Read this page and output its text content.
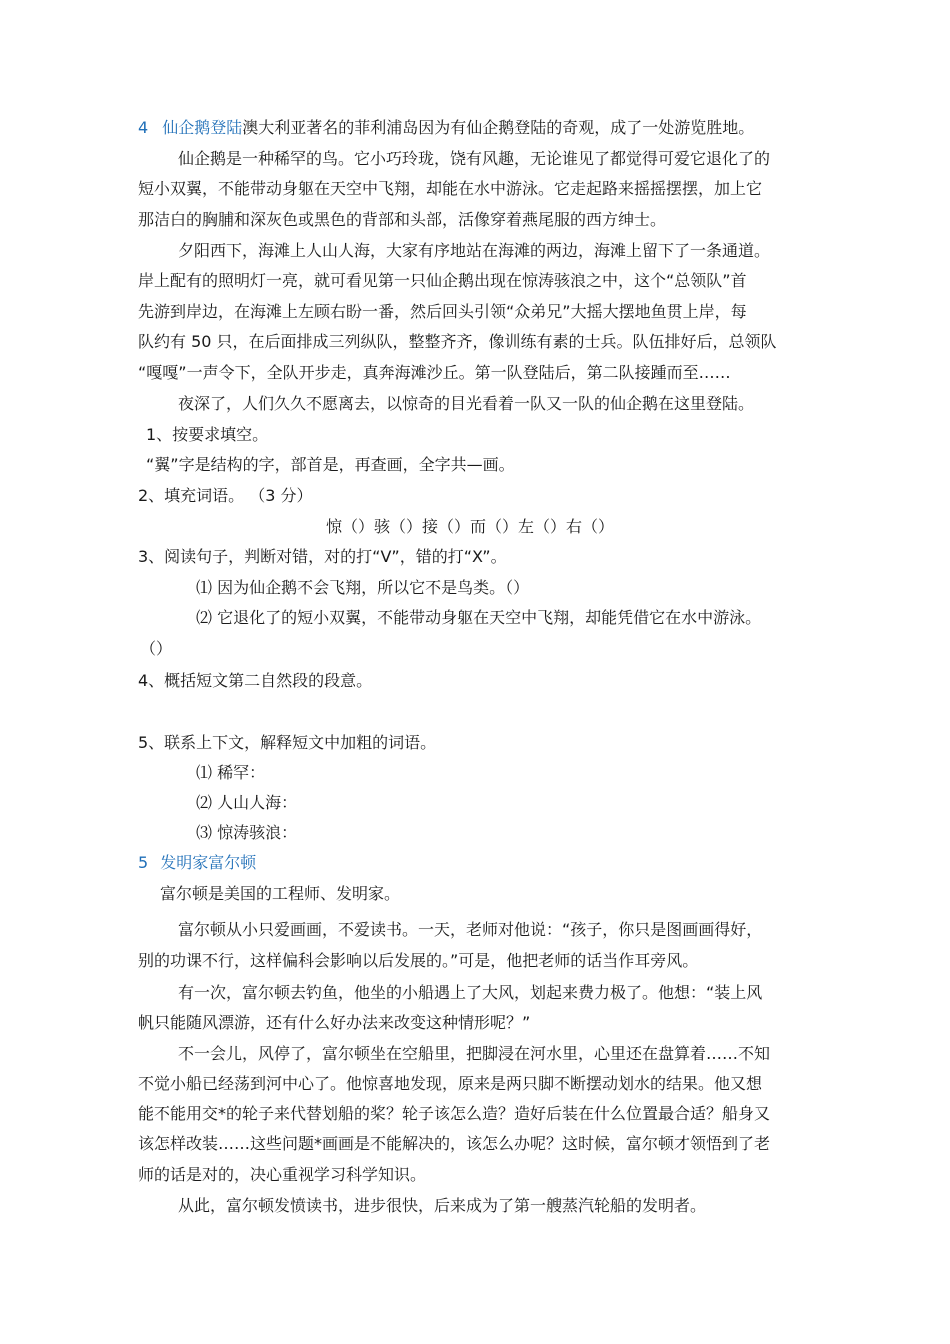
4 仙企鹅登陆澳大利亚著名的菲利浦岛因为有仙企鹅登陆的奇观，成了一处游览胜地。
仙企鹅是一种稀罕的鸟。它小巧玲珑，饶有风趣，无论谁见了都觉得可爱它退化了的
短小双翼，不能带动身躯在天空中飞翔，却能在水中游泳。它走起路来摇摇摆摆，加上它
那洁白的胸脯和深灰色或黑色的背部和头部，活像穿着燕尾服的西方绅士。
夕阳西下，海滩上人山人海，大家有序地站在海滩的两边，海滩上留下了一条通道。
岸上配有的照明灯一亮，就可看见第一只仙企鹅出现在惊涛骇浪之中，这个“总领队”首
先游到岸边，在海滩上左顾右盼一番，然后回头引领“众弟兄”大摇大摆地鱼贯上岸，每
队约有 50 只，在后面排成三列纵队，整整齐齐，像训练有素的士兵。队伍排好后，总领队
“嘎嘎”一声令下，全队开步走，真奔海滩沙丘。第一队登陆后，第二队接踵而至……
夜深了，人们久久不愿离去，以惊奇的目光看着一队又一队的仙企鹅在这里登陆。
1、按要求填空。
“翼”字是结构的字，部首是，再查画，全字共—画。
2、填充词语。 （3 分）
惊（）骇（）接（）而（）左（）右（）
3、阅读句子，判断对错，对的打“V”，错的打“X”。
⑴ 因为仙企鹅不会飞翔，所以它不是鸟类。（）
⑵ 它退化了的短小双翼，不能带动身躯在天空中飞翔，却能凭借它在水中游泳。
（）
4、概括短文第二自然段的段意。
5、联系上下文，解释短文中加粗的词语。
⑴ 稀罕：
⑵ 人山人海：
⑶ 惊涛骇浪：
5 发明家富尔顿
富尔顿是美国的工程师、发明家。
富尔顿从小只爱画画，不爱读书。一天，老师对他说：“孩子，你只是图画画得好，
别的功课不行，这样偏科会影响以后发展的。”可是，他把老师的话当作耳旁风。
有一次，富尔顿去钓鱼，他坐的小船遇上了大风，划起来费力极了。他想：“装上风
帆只能随风漂游，还有什么好办法来改变这种情形呢？”
不一会儿，风停了，富尔顿坐在空船里，把脚浸在河水里，心里还在盘算着……不知
不觉小船已经荡到河中心了。他惊喜地发现，原来是两只脚不断摆动划水的结果。他又想
能不能用交*的轮子来代替划船的桨？轮子该怎么造？造好后装在什么位置最合适？船身又
该怎样改装……这些问题*画画是不能解决的，该怎么办呢？这时候，富尔顿才领悟到了老
师的话是对的，决心重视学习科学知识。
从此，富尔顿发愤读书，进步很快，后来成为了第一艘蒸汽轮船的发明者。
